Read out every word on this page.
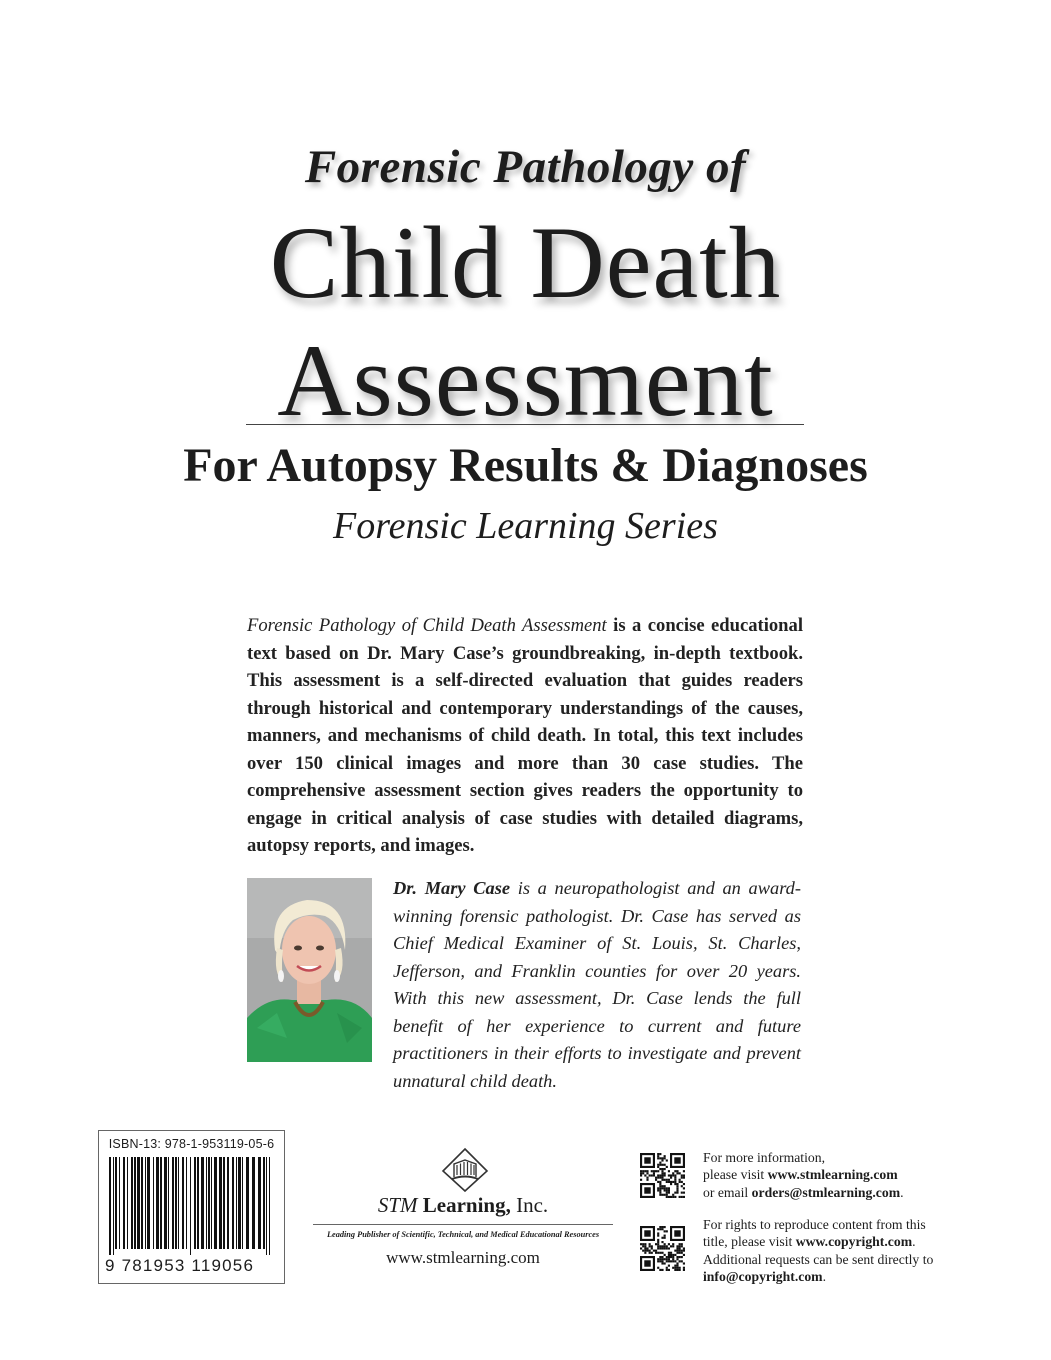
Forensic Pathology of
Child Death
Assessment
For Autopsy Results & Diagnoses
Forensic Learning Series
Forensic Pathology of Child Death Assessment is a concise educational text based on Dr. Mary Case’s groundbreaking, in-depth textbook. This assessment is a self-directed evaluation that guides readers through historical and contemporary understandings of the causes, manners, and mechanisms of child death. In total, this text includes over 150 clinical images and more than 30 case studies. The comprehensive assessment section gives readers the opportunity to engage in critical analysis of case studies with detailed diagrams, autopsy reports, and images.
Dr. Mary Case is a neuropathologist and an award-winning forensic pathologist. Dr. Case has served as Chief Medical Examiner of St. Louis, St. Charles, Jefferson, and Franklin counties for over 20 years. With this new assessment, Dr. Case lends the full benefit of her experience to current and future practitioners in their efforts to investigate and prevent unnatural child death.
ISBN-13: 978-1-953119-05-6
9 781953 119056
STM Learning, Inc.
Leading Publisher of Scientific, Technical, and Medical Educational Resources
www.stmlearning.com
For more information,
please visit www.stmlearning.com
or email orders@stmlearning.com.
For rights to reproduce content from this
title, please visit www.copyright.com.
Additional requests can be sent directly to
info@copyright.com.
